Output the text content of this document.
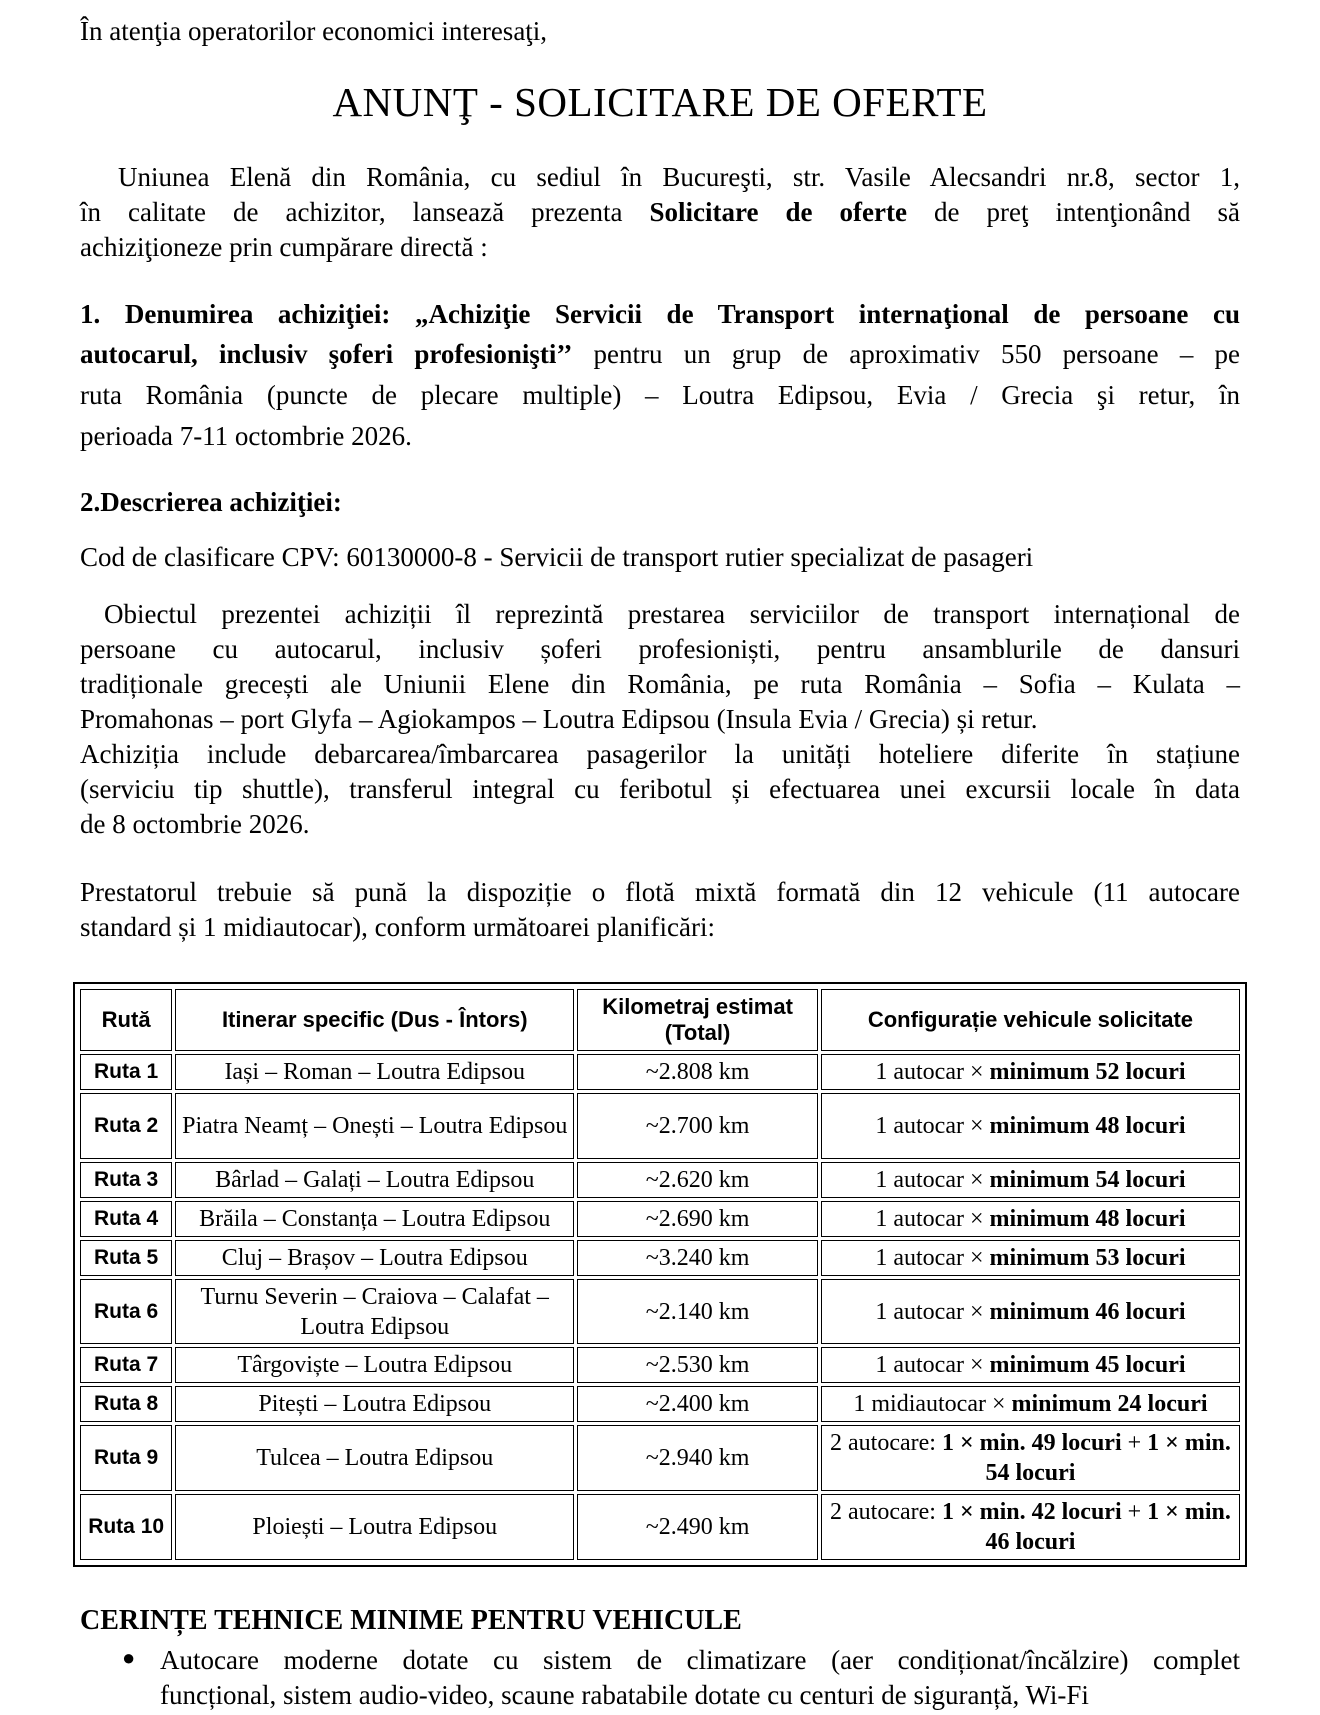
În atenţia operatorilor economici interesaţi,
ANUNŢ - SOLICITARE DE OFERTE
Uniunea Elenă din România, cu sediul în Bucureşti, str. Vasile Alecsandri nr.8, sector 1,
în calitate de achizitor, lansează prezenta Solicitare de oferte de preţ intenţionând să
achiziţioneze prin cumpărare directă :
1. Denumirea achiziţiei: „Achiziţie Servicii de Transport internaţional de persoane cu
autocarul, inclusiv şoferi profesionişti’’ pentru un grup de aproximativ 550 persoane – pe
ruta România (puncte de plecare multiple) – Loutra Edipsou, Evia / Grecia şi retur, în
perioada 7-11 octombrie 2026.
2.Descrierea achiziţiei:
Cod de clasificare CPV: 60130000-8 - Servicii de transport rutier specializat de pasageri
Obiectul prezentei achiziții îl reprezintă prestarea serviciilor de transport internațional de
persoane cu autocarul, inclusiv șoferi profesioniști, pentru ansamblurile de dansuri
tradiționale grecești ale Uniunii Elene din România, pe ruta România – Sofia – Kulata –
Promahonas – port Glyfa – Agiokampos – Loutra Edipsou (Insula Evia / Grecia) și retur.
Achiziția include debarcarea/îmbarcarea pasagerilor la unități hoteliere diferite în stațiune
(serviciu tip shuttle), transferul integral cu feribotul și efectuarea unei excursii locale în data
de 8 octombrie 2026.
Prestatorul trebuie să pună la dispoziție o flotă mixtă formată din 12 vehicule (11 autocare
standard și 1 midiautocar), conform următoarei planificări:
Rută	Itinerar specific (Dus - Întors)	Kilometraj estimat (Total)	Configurație vehicule solicitate
Ruta 1	Iași – Roman – Loutra Edipsou	~2.808 km	1 autocar × minimum 52 locuri
Ruta 2	Piatra Neamț – Onești – Loutra Edipsou	~2.700 km	1 autocar × minimum 48 locuri
Ruta 3	Bârlad – Galați – Loutra Edipsou	~2.620 km	1 autocar × minimum 54 locuri
Ruta 4	Brăila – Constanța – Loutra Edipsou	~2.690 km	1 autocar × minimum 48 locuri
Ruta 5	Cluj – Brașov – Loutra Edipsou	~3.240 km	1 autocar × minimum 53 locuri
Ruta 6	Turnu Severin – Craiova – Calafat – Loutra Edipsou	~2.140 km	1 autocar × minimum 46 locuri
Ruta 7	Târgoviște – Loutra Edipsou	~2.530 km	1 autocar × minimum 45 locuri
Ruta 8	Pitești – Loutra Edipsou	~2.400 km	1 midiautocar × minimum 24 locuri
Ruta 9	Tulcea – Loutra Edipsou	~2.940 km	2 autocare: 1 × min. 49 locuri + 1 × min. 54 locuri
Ruta 10	Ploiești – Loutra Edipsou	~2.490 km	2 autocare: 1 × min. 42 locuri + 1 × min. 46 locuri
CERINȚE TEHNICE MINIME PENTRU VEHICULE
● Autocare moderne dotate cu sistem de climatizare (aer condiționat/încălzire) complet
funcțional, sistem audio-video, scaune rabatabile dotate cu centuri de siguranță, Wi-Fi
